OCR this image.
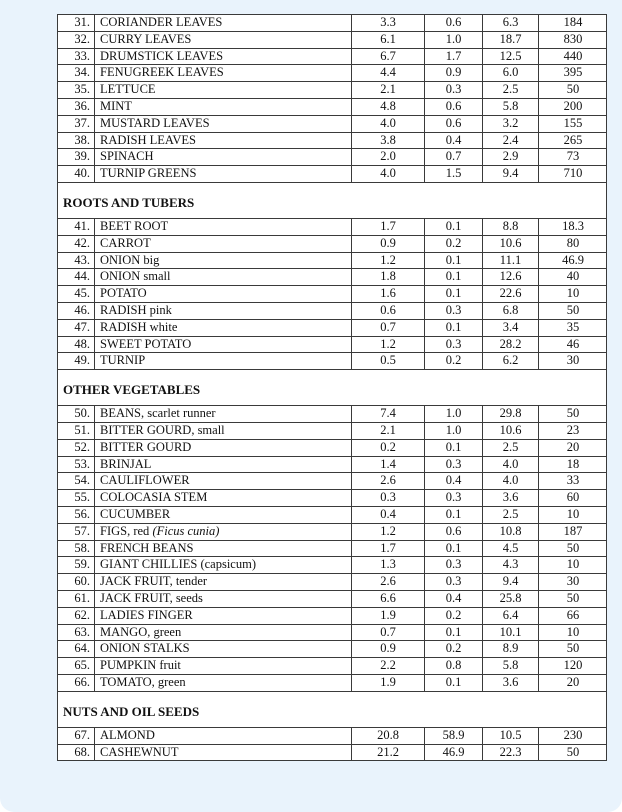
31. CORIANDER LEAVES	3.3	0.6	6.3	184
32. CURRY LEAVES	6.1	1.0	18.7	830
33. DRUMSTICK LEAVES	6.7	1.7	12.5	440
34. FENUGREEK LEAVES	4.4	0.9	6.0	395
35. LETTUCE	2.1	0.3	2.5	50
36. MINT	4.8	0.6	5.8	200
37. MUSTARD LEAVES	4.0	0.6	3.2	155
38. RADISH LEAVES	3.8	0.4	2.4	265
39. SPINACH	2.0	0.7	2.9	73
40. TURNIP GREENS	4.0	1.5	9.4	710
ROOTS AND TUBERS
41. BEET ROOT	1.7	0.1	8.8	18.3
42. CARROT	0.9	0.2	10.6	80
43. ONION big	1.2	0.1	11.1	46.9
44. ONION small	1.8	0.1	12.6	40
45. POTATO	1.6	0.1	22.6	10
46. RADISH pink	0.6	0.3	6.8	50
47. RADISH white	0.7	0.1	3.4	35
48. SWEET POTATO	1.2	0.3	28.2	46
49. TURNIP	0.5	0.2	6.2	30
OTHER VEGETABLES
50. BEANS, scarlet runner	7.4	1.0	29.8	50
51. BITTER GOURD, small	2.1	1.0	10.6	23
52. BITTER GOURD	0.2	0.1	2.5	20
53. BRINJAL	1.4	0.3	4.0	18
54. CAULIFLOWER	2.6	0.4	4.0	33
55. COLOCASIA STEM	0.3	0.3	3.6	60
56. CUCUMBER	0.4	0.1	2.5	10
57. FIGS, red (Ficus cunia)	1.2	0.6	10.8	187
58. FRENCH BEANS	1.7	0.1	4.5	50
59. GIANT CHILLIES (capsicum)	1.3	0.3	4.3	10
60. JACK FRUIT, tender	2.6	0.3	9.4	30
61. JACK FRUIT, seeds	6.6	0.4	25.8	50
62. LADIES FINGER	1.9	0.2	6.4	66
63. MANGO, green	0.7	0.1	10.1	10
64. ONION STALKS	0.9	0.2	8.9	50
65. PUMPKIN fruit	2.2	0.8	5.8	120
66. TOMATO, green	1.9	0.1	3.6	20
NUTS AND OIL SEEDS
67. ALMOND	20.8	58.9	10.5	230
68. CASHEWNUT	21.2	46.9	22.3	50
